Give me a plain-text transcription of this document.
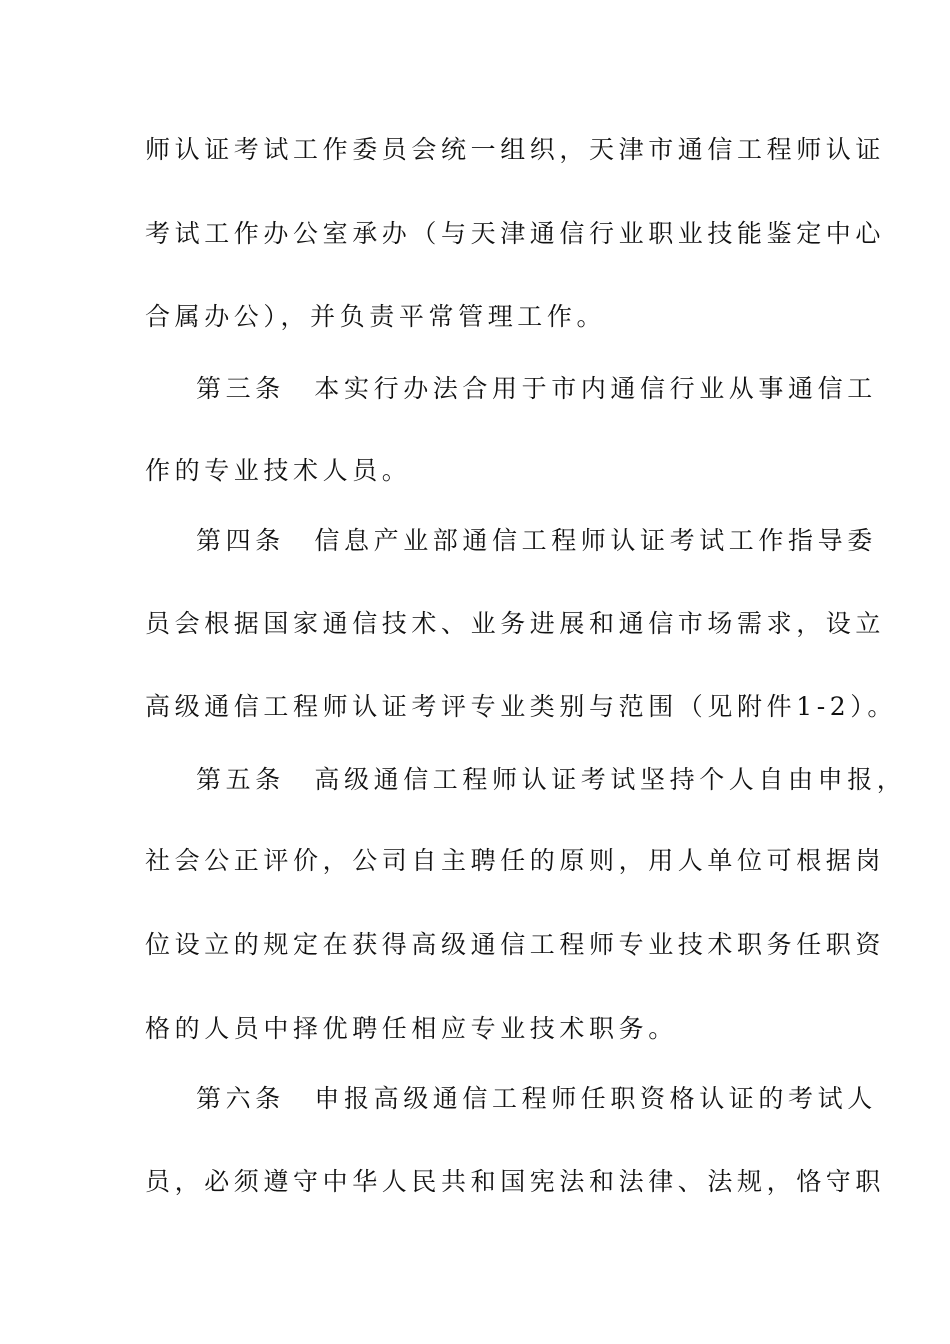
师认证考试工作委员会统一组织，天津市通信工程师认证
考试工作办公室承办（与天津通信行业职业技能鉴定中心
合属办公），并负责平常管理工作。
第三条　本实行办法合用于市内通信行业从事通信工
作的专业技术人员。
第四条　信息产业部通信工程师认证考试工作指导委
员会根据国家通信技术、业务进展和通信市场需求，设立
高级通信工程师认证考评专业类别与范围（见附件1-2）。
第五条　高级通信工程师认证考试坚持个人自由申报，
社会公正评价，公司自主聘任的原则，用人单位可根据岗
位设立的规定在获得高级通信工程师专业技术职务任职资
格的人员中择优聘任相应专业技术职务。
第六条　申报高级通信工程师任职资格认证的考试人
员，必须遵守中华人民共和国宪法和法律、法规，恪守职
